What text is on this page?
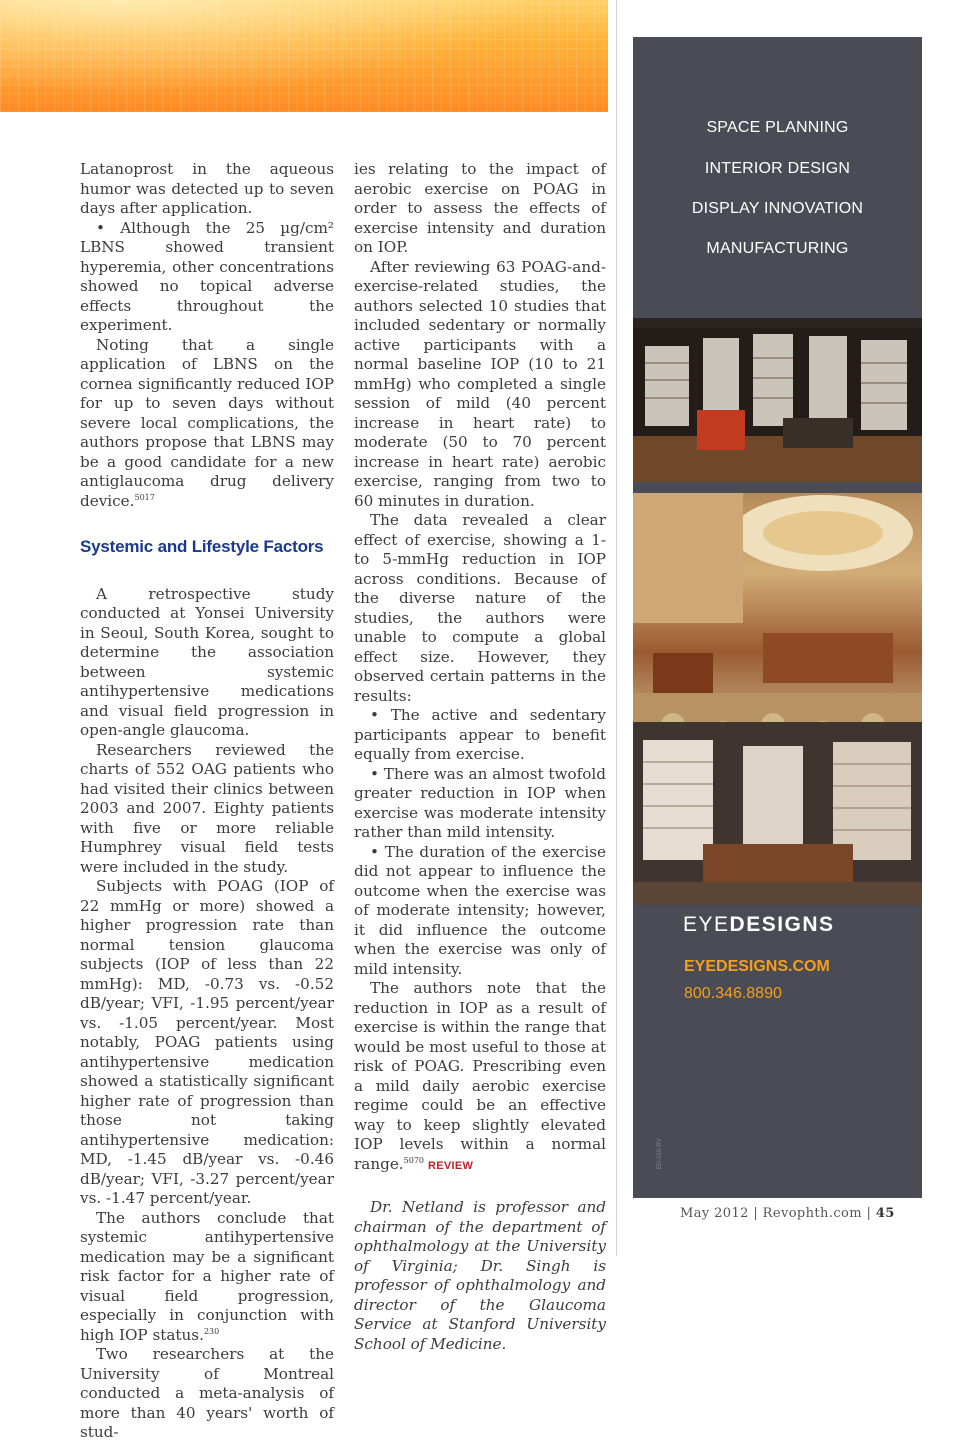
Latanoprost in the aqueous humor was detected up to seven days after application.

• Although the 25 µg/cm² LBNS showed transient hyperemia, other concentrations showed no topical adverse effects throughout the experiment.

Noting that a single application of LBNS on the cornea significantly reduced IOP for up to seven days without severe local complications, the authors propose that LBNS may be a good candidate for a new antiglaucoma drug delivery device.$^{5017}$

Systemic and Lifestyle Factors

A retrospective study conducted at Yonsei University in Seoul, South Korea, sought to determine the association between systemic antihypertensive medications and visual field progression in open-angle glaucoma.

Researchers reviewed the charts of 552 OAG patients who had visited their clinics between 2003 and 2007. Eighty patients with five or more reliable Humphrey visual field tests were included in the study.

Subjects with POAG (IOP of 22 mmHg or more) showed a higher progression rate than normal tension glaucoma subjects (IOP of less than 22 mmHg): MD, -0.73 vs. -0.52 dB/year; VFI, -1.95 percent/year vs. -1.05 percent/year. Most notably, POAG patients using antihypertensive medication showed a statistically significant higher rate of progression than those not taking antihypertensive medication: MD, -1.45 dB/year vs. -0.46 dB/year; VFI, -3.27 percent/year vs. -1.47 percent/year.

The authors conclude that systemic antihypertensive medication may be a significant risk factor for a higher rate of visual field progression, especially in conjunction with high IOP status.$^{230}$

Two researchers at the University of Montreal conducted a meta-analysis of more than 40 years' worth of stud-

ies relating to the impact of aerobic exercise on POAG in order to assess the effects of exercise intensity and duration on IOP.

After reviewing 63 POAG-and-exercise-related studies, the authors selected 10 studies that included sedentary or normally active participants with a normal baseline IOP (10 to 21 mmHg) who completed a single session of mild (40 percent increase in heart rate) to moderate (50 to 70 percent increase in heart rate) aerobic exercise, ranging from two to 60 minutes in duration.

The data revealed a clear effect of exercise, showing a 1- to 5-mmHg reduction in IOP across conditions. Because of the diverse nature of the studies, the authors were unable to compute a global effect size. However, they observed certain patterns in the results:

• The active and sedentary participants appear to benefit equally from exercise.

• There was an almost twofold greater reduction in IOP when exercise was moderate intensity rather than mild intensity.

• The duration of the exercise did not appear to influence the outcome when the exercise was of moderate intensity; however, it did influence the outcome when the exercise was only of mild intensity.

The authors note that the reduction in IOP as a result of exercise is within the range that would be most useful to those at risk of POAG. Prescribing even a mild daily aerobic exercise regime could be an effective way to keep slightly elevated IOP levels within a normal range.$^{5070}$ REVIEW

Dr. Netland is professor and chairman of the department of ophthalmology at the University of Virginia; Dr. Singh is professor of ophthalmology and director of the Glaucoma Service at Stanford University School of Medicine.

SPACE PLANNING
INTERIOR DESIGN
DISPLAY INNOVATION
MANUFACTURING
EYEDESIGNS
EYEDESIGNS.COM
800.346.8890
ED-010-RV
May 2012 | Revophth.com | 45
